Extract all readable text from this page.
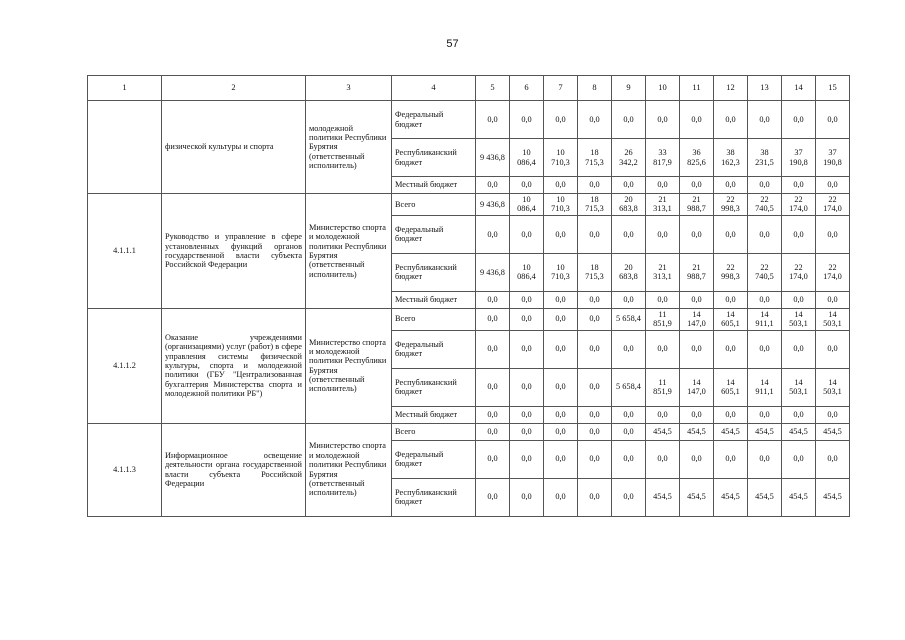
57
1	2	3	4	5	6	7	8	9	10	11	12	13	14	15
	физической культуры и спорта	молодежной политики Республики Бурятия (ответственный исполнитель)	Федеральный бюджет	0,0	0,0	0,0	0,0	0,0	0,0	0,0	0,0	0,0	0,0	0,0
			Республиканский бюджет	9 436,8	10 086,4	10 710,3	18 715,3	26 342,2	33 817,9	36 825,6	38 162,3	38 231,5	37 190,8	37 190,8
			Местный бюджет	0,0	0,0	0,0	0,0	0,0	0,0	0,0	0,0	0,0	0,0	0,0
4.1.1.1	Руководство и управление в сфере установленных функций органов государственной власти субъекта Российской Федерации	Министерство спорта и молодежной политики Республики Бурятия (ответственный исполнитель)	Всего	9 436,8	10 086,4	10 710,3	18 715,3	20 683,8	21 313,1	21 988,7	22 998,3	22 740,5	22 174,0	22 174,0
			Федеральный бюджет	0,0	0,0	0,0	0,0	0,0	0,0	0,0	0,0	0,0	0,0	0,0
			Республиканский бюджет	9 436,8	10 086,4	10 710,3	18 715,3	20 683,8	21 313,1	21 988,7	22 998,3	22 740,5	22 174,0	22 174,0
			Местный бюджет	0,0	0,0	0,0	0,0	0,0	0,0	0,0	0,0	0,0	0,0	0,0
4.1.1.2	Оказание учреждениями (организациями) услуг (работ) в сфере управления системы физической культуры, спорта и молодежной политики (ГБУ "Централизованная бухгалтерия Министерства спорта и молодежной политики РБ")	Министерство спорта и молодежной политики Республики Бурятия (ответственный исполнитель)	Всего	0,0	0,0	0,0	0,0	5 658,4	11 851,9	14 147,0	14 605,1	14 911,1	14 503,1	14 503,1
			Федеральный бюджет	0,0	0,0	0,0	0,0	0,0	0,0	0,0	0,0	0,0	0,0	0,0
			Республиканский бюджет	0,0	0,0	0,0	0,0	5 658,4	11 851,9	14 147,0	14 605,1	14 911,1	14 503,1	14 503,1
			Местный бюджет	0,0	0,0	0,0	0,0	0,0	0,0	0,0	0,0	0,0	0,0	0,0
4.1.1.3	Информационное освещение деятельности органа государственной власти субъекта Российской Федерации	Министерство спорта и молодежной политики Республики Бурятия (ответственный исполнитель)	Всего	0,0	0,0	0,0	0,0	0,0	454,5	454,5	454,5	454,5	454,5	454,5
			Федеральный бюджет	0,0	0,0	0,0	0,0	0,0	0,0	0,0	0,0	0,0	0,0	0,0
			Республиканский бюджет	0,0	0,0	0,0	0,0	0,0	454,5	454,5	454,5	454,5	454,5	454,5
